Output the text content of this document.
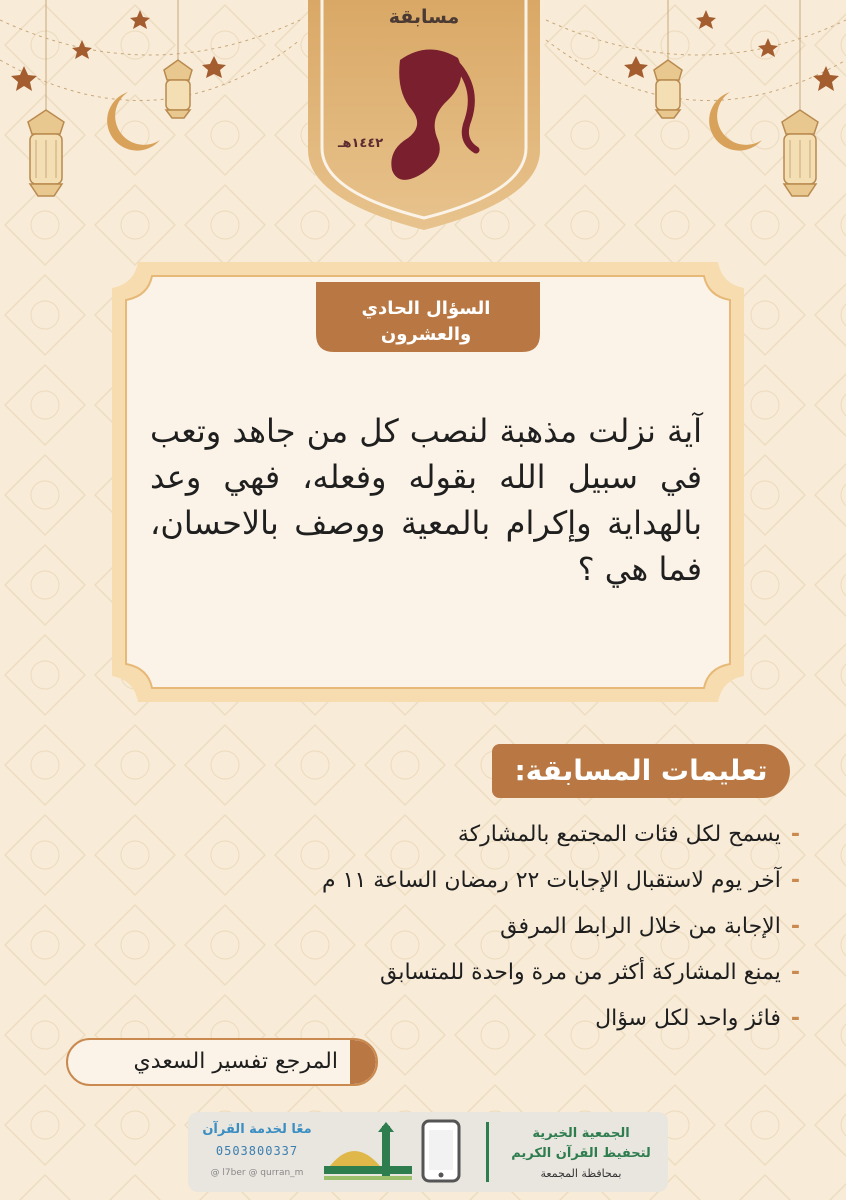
مسابقة
١٤٤٢هـ
السؤال الحادي
والعشرون
آية نزلت مذهبة لنصب كل من جاهد وتعب في سبيل الله بقوله وفعله، فهي وعد بالهداية وإكرام بالمعية ووصف بالاحسان، فما هي ؟
تعليمات المسابقة:
-يسمح لكل فئات المجتمع بالمشاركة
-آخر يوم لاستقبال الإجابات ٢٢ رمضان الساعة ١١ م
-الإجابة من خلال الرابط المرفق
-يمنع المشاركة أكثر من مرة واحدة للمتسابق
-فائز واحد لكل سؤال
المرجع تفسير السعدي
الجمعية الخيرية
لتحفيظ القرآن الكريم
بمحافظة المجمعة
معًا لخدمة القرآن
0503800337
@ l7ber @ qurran_m
